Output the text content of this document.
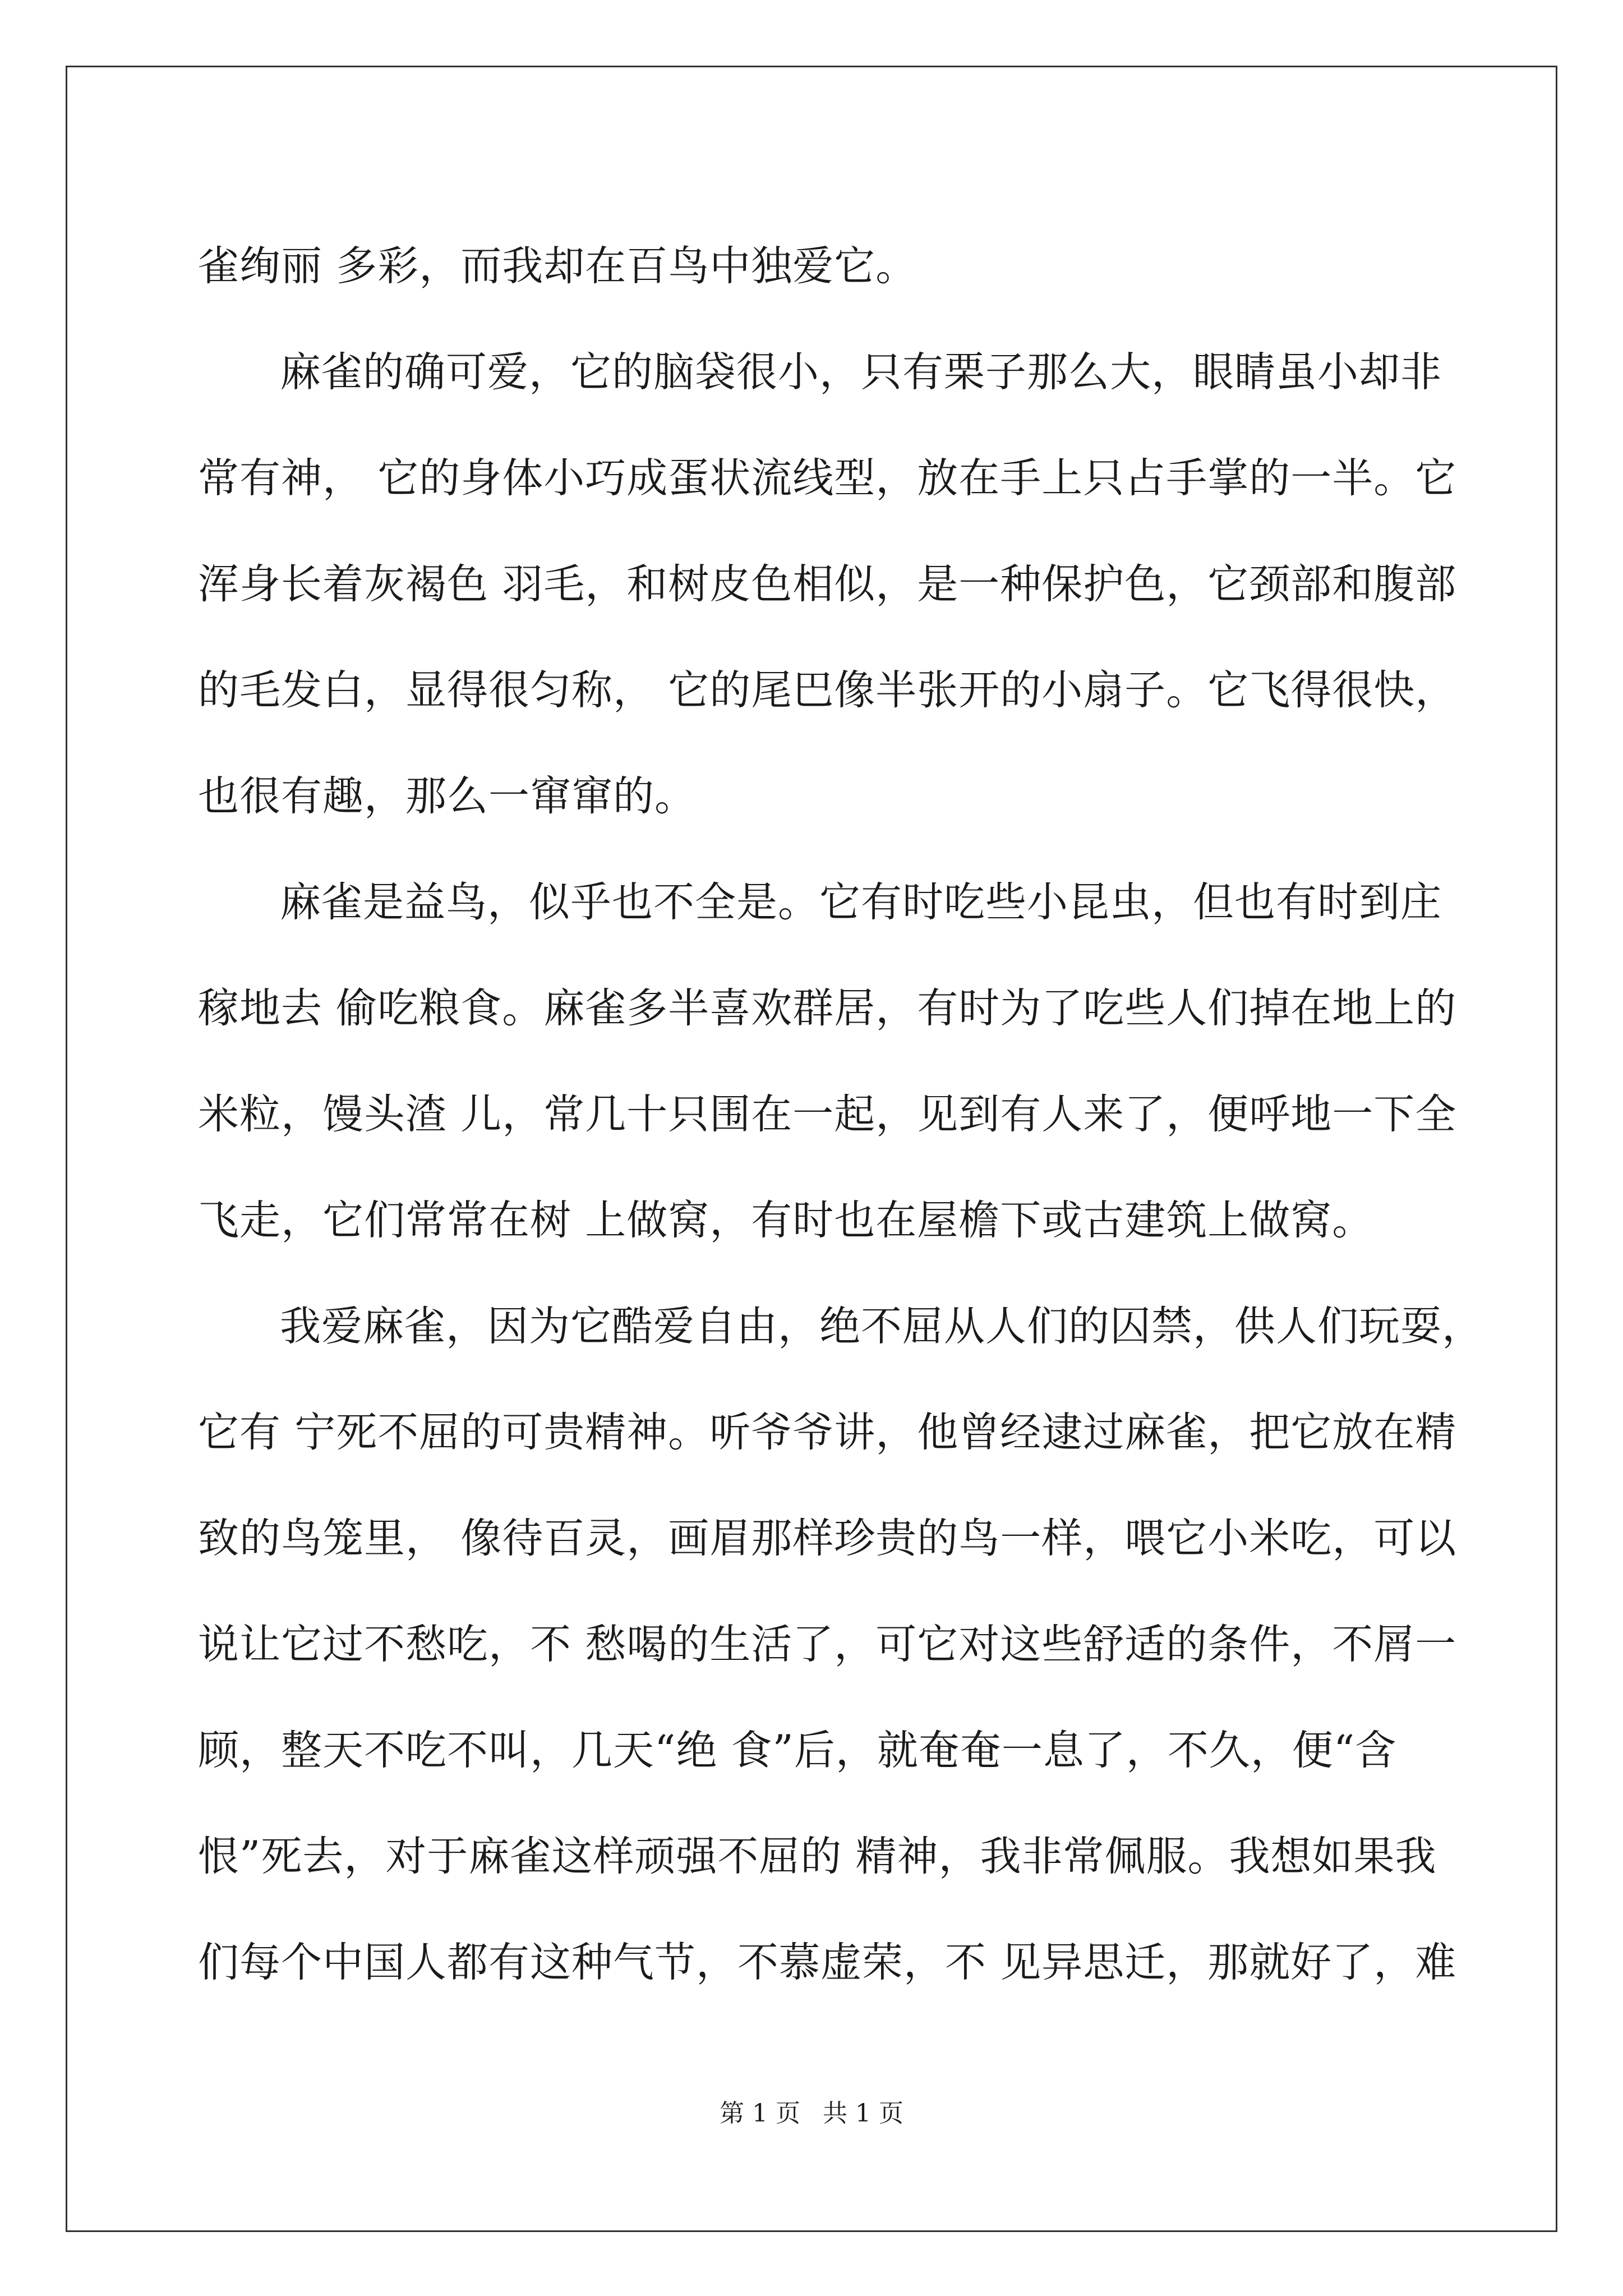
雀绚丽 多彩，而我却在百鸟中独爱它。
麻雀的确可爱，它的脑袋很小，只有栗子那么大，眼睛虽小却非
常有神， 它的身体小巧成蛋状流线型，放在手上只占手掌的一半。它
浑身长着灰褐色 羽毛，和树皮色相似，是一种保护色，它颈部和腹部
的毛发白，显得很匀称， 它的尾巴像半张开的小扇子。它飞得很快，
也很有趣，那么一窜窜的。
麻雀是益鸟，似乎也不全是。它有时吃些小昆虫，但也有时到庄
稼地去 偷吃粮食。麻雀多半喜欢群居，有时为了吃些人们掉在地上的
米粒，馒头渣 儿，常几十只围在一起，见到有人来了，便呼地一下全
飞走，它们常常在树 上做窝，有时也在屋檐下或古建筑上做窝。
我爱麻雀，因为它酷爱自由，绝不屈从人们的囚禁，供人们玩耍，
它有 宁死不屈的可贵精神。听爷爷讲，他曾经逮过麻雀，把它放在精
致的鸟笼里， 像待百灵，画眉那样珍贵的鸟一样，喂它小米吃，可以
说让它过不愁吃，不 愁喝的生活了，可它对这些舒适的条件，不屑一
顾，整天不吃不叫，几天“绝 食”后，就奄奄一息了，不久，便“含
恨”死去，对于麻雀这样顽强不屈的 精神，我非常佩服。我想如果我
们每个中国人都有这种气节，不慕虚荣，不 见异思迁，那就好了，难
第 1 页 共 1 页
